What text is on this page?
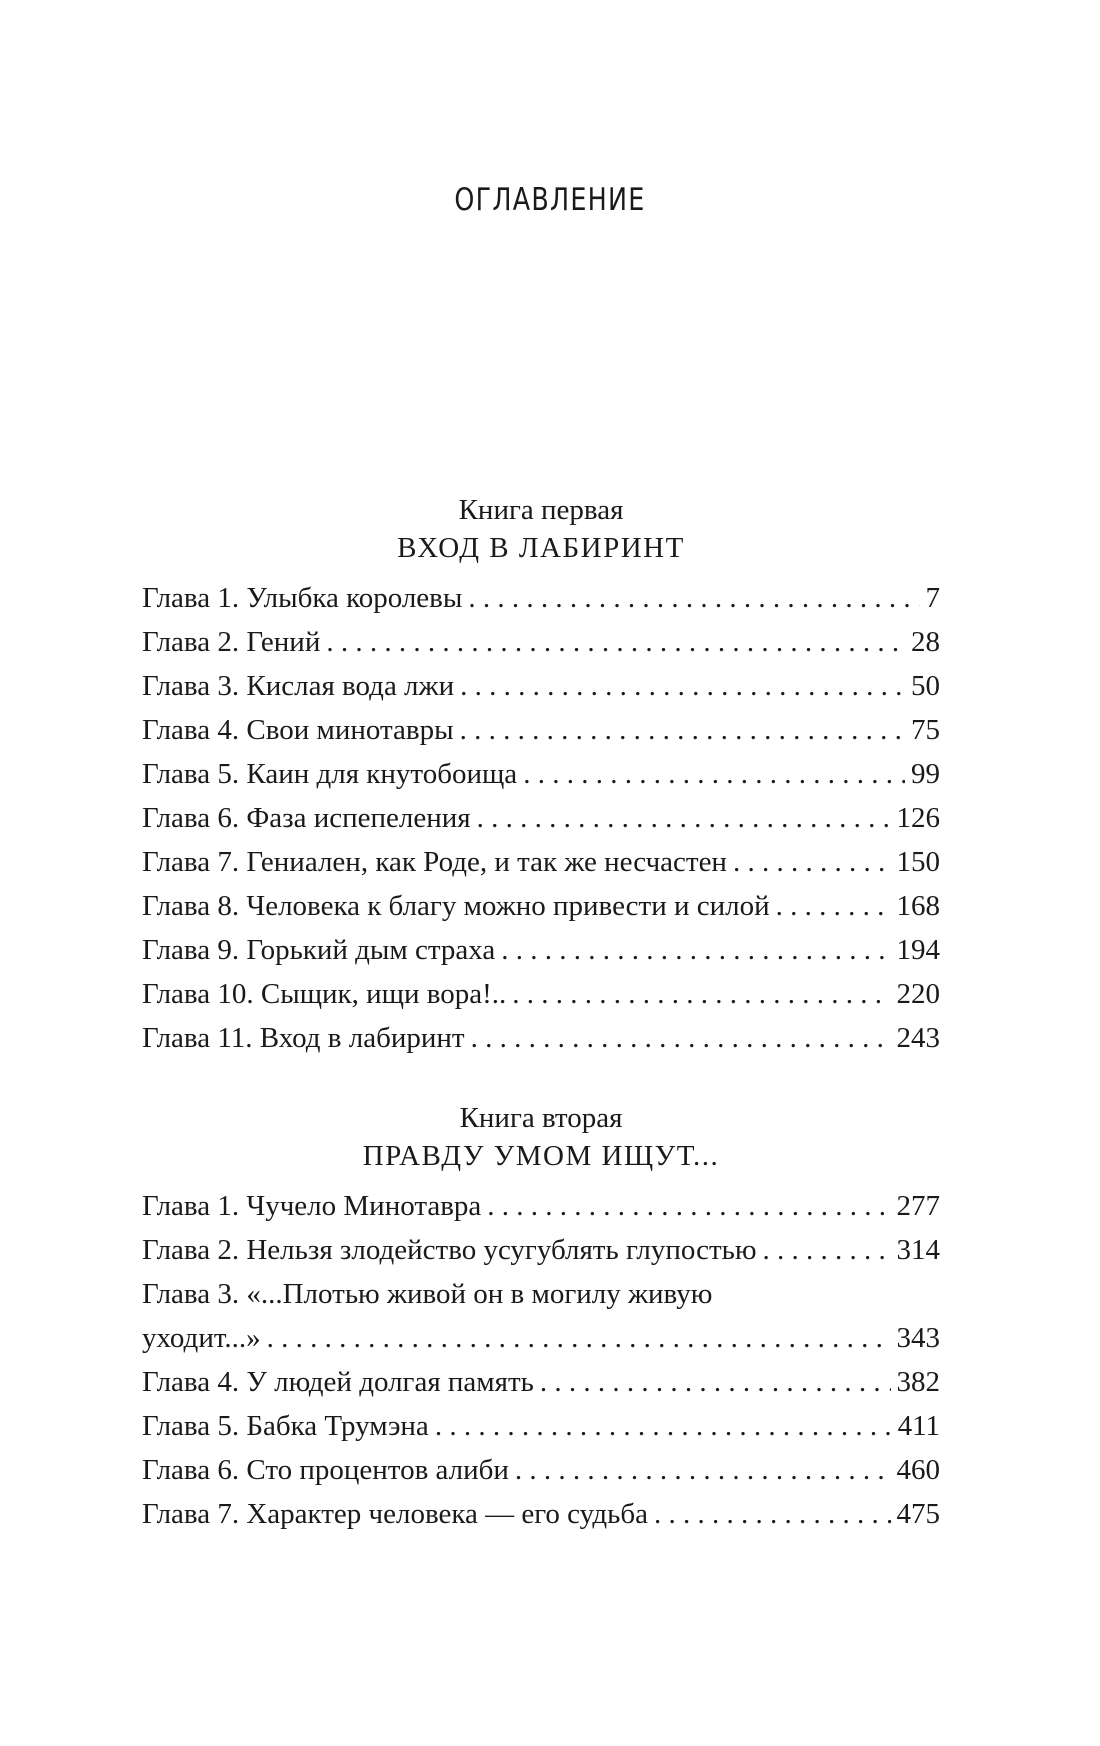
ОГЛАВЛЕНИЕ
Книга первая
ВХОД В ЛАБИРИНТ
Глава 1. Улыбка королевы . . .	7
Глава 2. Гений . . .	28
Глава 3. Кислая вода лжи . . .	50
Глава 4. Свои минотавры . . .	75
Глава 5. Каин для кнутобоища . . .	99
Глава 6. Фаза испепеления . . .	126
Глава 7. Гениален, как Роде, и так же несчастен . . .	150
Глава 8. Человека к благу можно привести и силой . . .	168
Глава 9. Горький дым страха . . .	194
Глава 10. Сыщик, ищи вора!.. . . .	220
Глава 11. Вход в лабиринт . . .	243
Книга вторая
ПРАВДУ УМОМ ИЩУТ...
Глава 1. Чучело Минотавра . . .	277
Глава 2. Нельзя злодейство усугублять глупостью . . .	314
Глава 3. «...Плотью живой он в могилу живую
уходит...» . . .	343
Глава 4. У людей долгая память . . .	382
Глава 5. Бабка Трумэна . . .	411
Глава 6. Сто процентов алиби . . .	460
Глава 7. Характер человека — его судьба . . .	475
